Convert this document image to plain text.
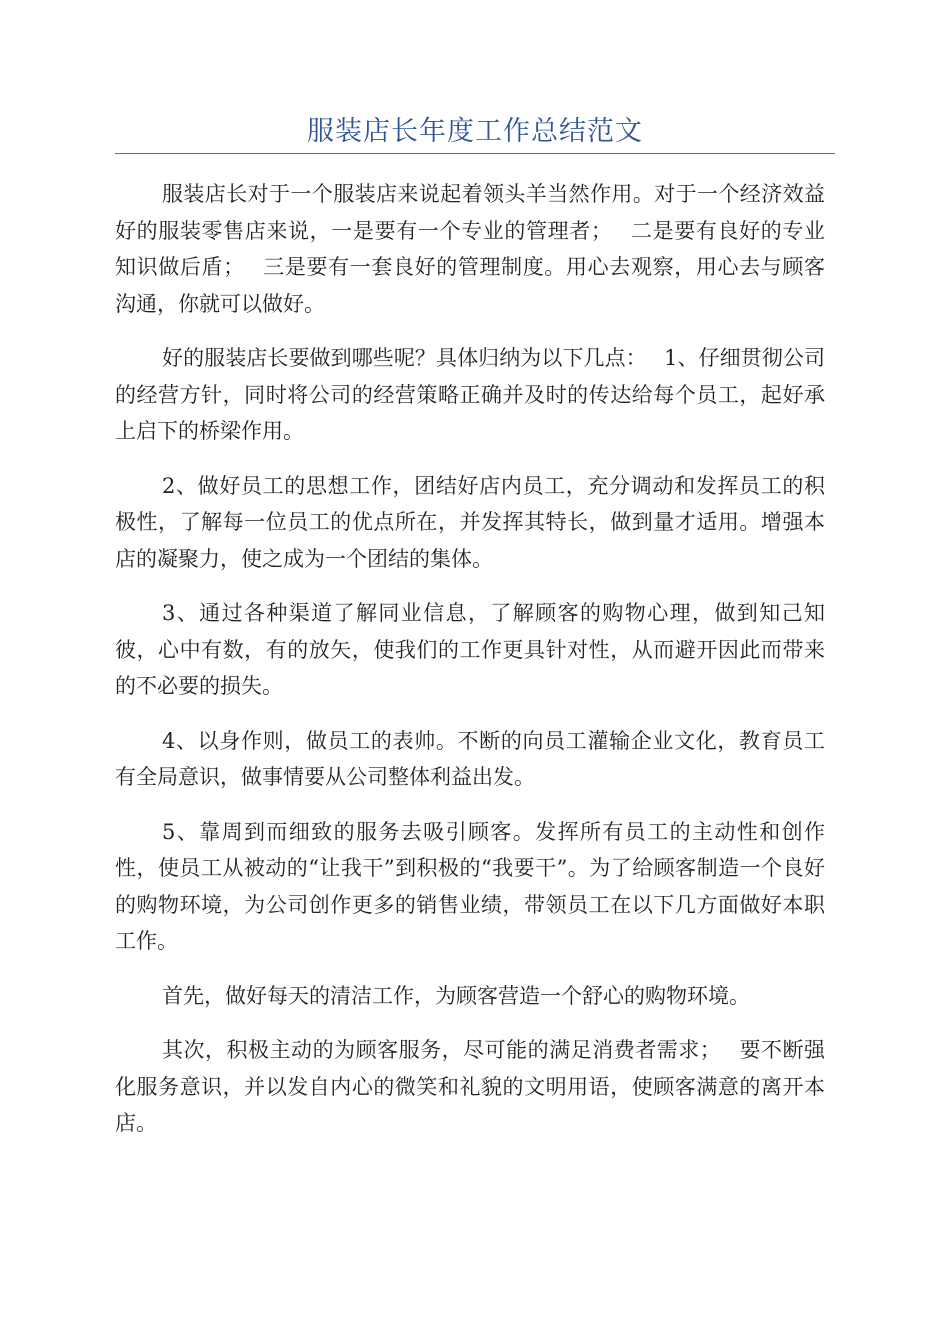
服装店长年度工作总结范文

服装店长对于一个服装店来说起着领头羊当然作用。对于一个经济效益好的服装零售店来说，一是要有一个专业的管理者；　 二是要有良好的专业知识做后盾；　 三是要有一套良好的管理制度。用心去观察，用心去与顾客沟通，你就可以做好。

好的服装店长要做到哪些呢？具体归纳为以下几点：　 1、仔细贯彻公司的经营方针，同时将公司的经营策略正确并及时的传达给每个员工，起好承上启下的桥梁作用。

2、做好员工的思想工作，团结好店内员工，充分调动和发挥员工的积极性，了解每一位员工的优点所在，并发挥其特长，做到量才适用。增强本店的凝聚力，使之成为一个团结的集体。

3、通过各种渠道了解同业信息，了解顾客的购物心理，做到知己知彼，心中有数，有的放矢，使我们的工作更具针对性，从而避开因此而带来的不必要的损失。

4、以身作则，做员工的表帅。不断的向员工灌输企业文化，教育员工有全局意识，做事情要从公司整体利益出发。

5、靠周到而细致的服务去吸引顾客。发挥所有员工的主动性和创作性，使员工从被动的“让我干”到积极的“我要干”。为了给顾客制造一个良好的购物环境，为公司创作更多的销售业绩，带领员工在以下几方面做好本职工作。

首先，做好每天的清洁工作，为顾客营造一个舒心的购物环境。

其次，积极主动的为顾客服务，尽可能的满足消费者需求；　 要不断强化服务意识，并以发自内心的微笑和礼貌的文明用语，使顾客满意的离开本店。
